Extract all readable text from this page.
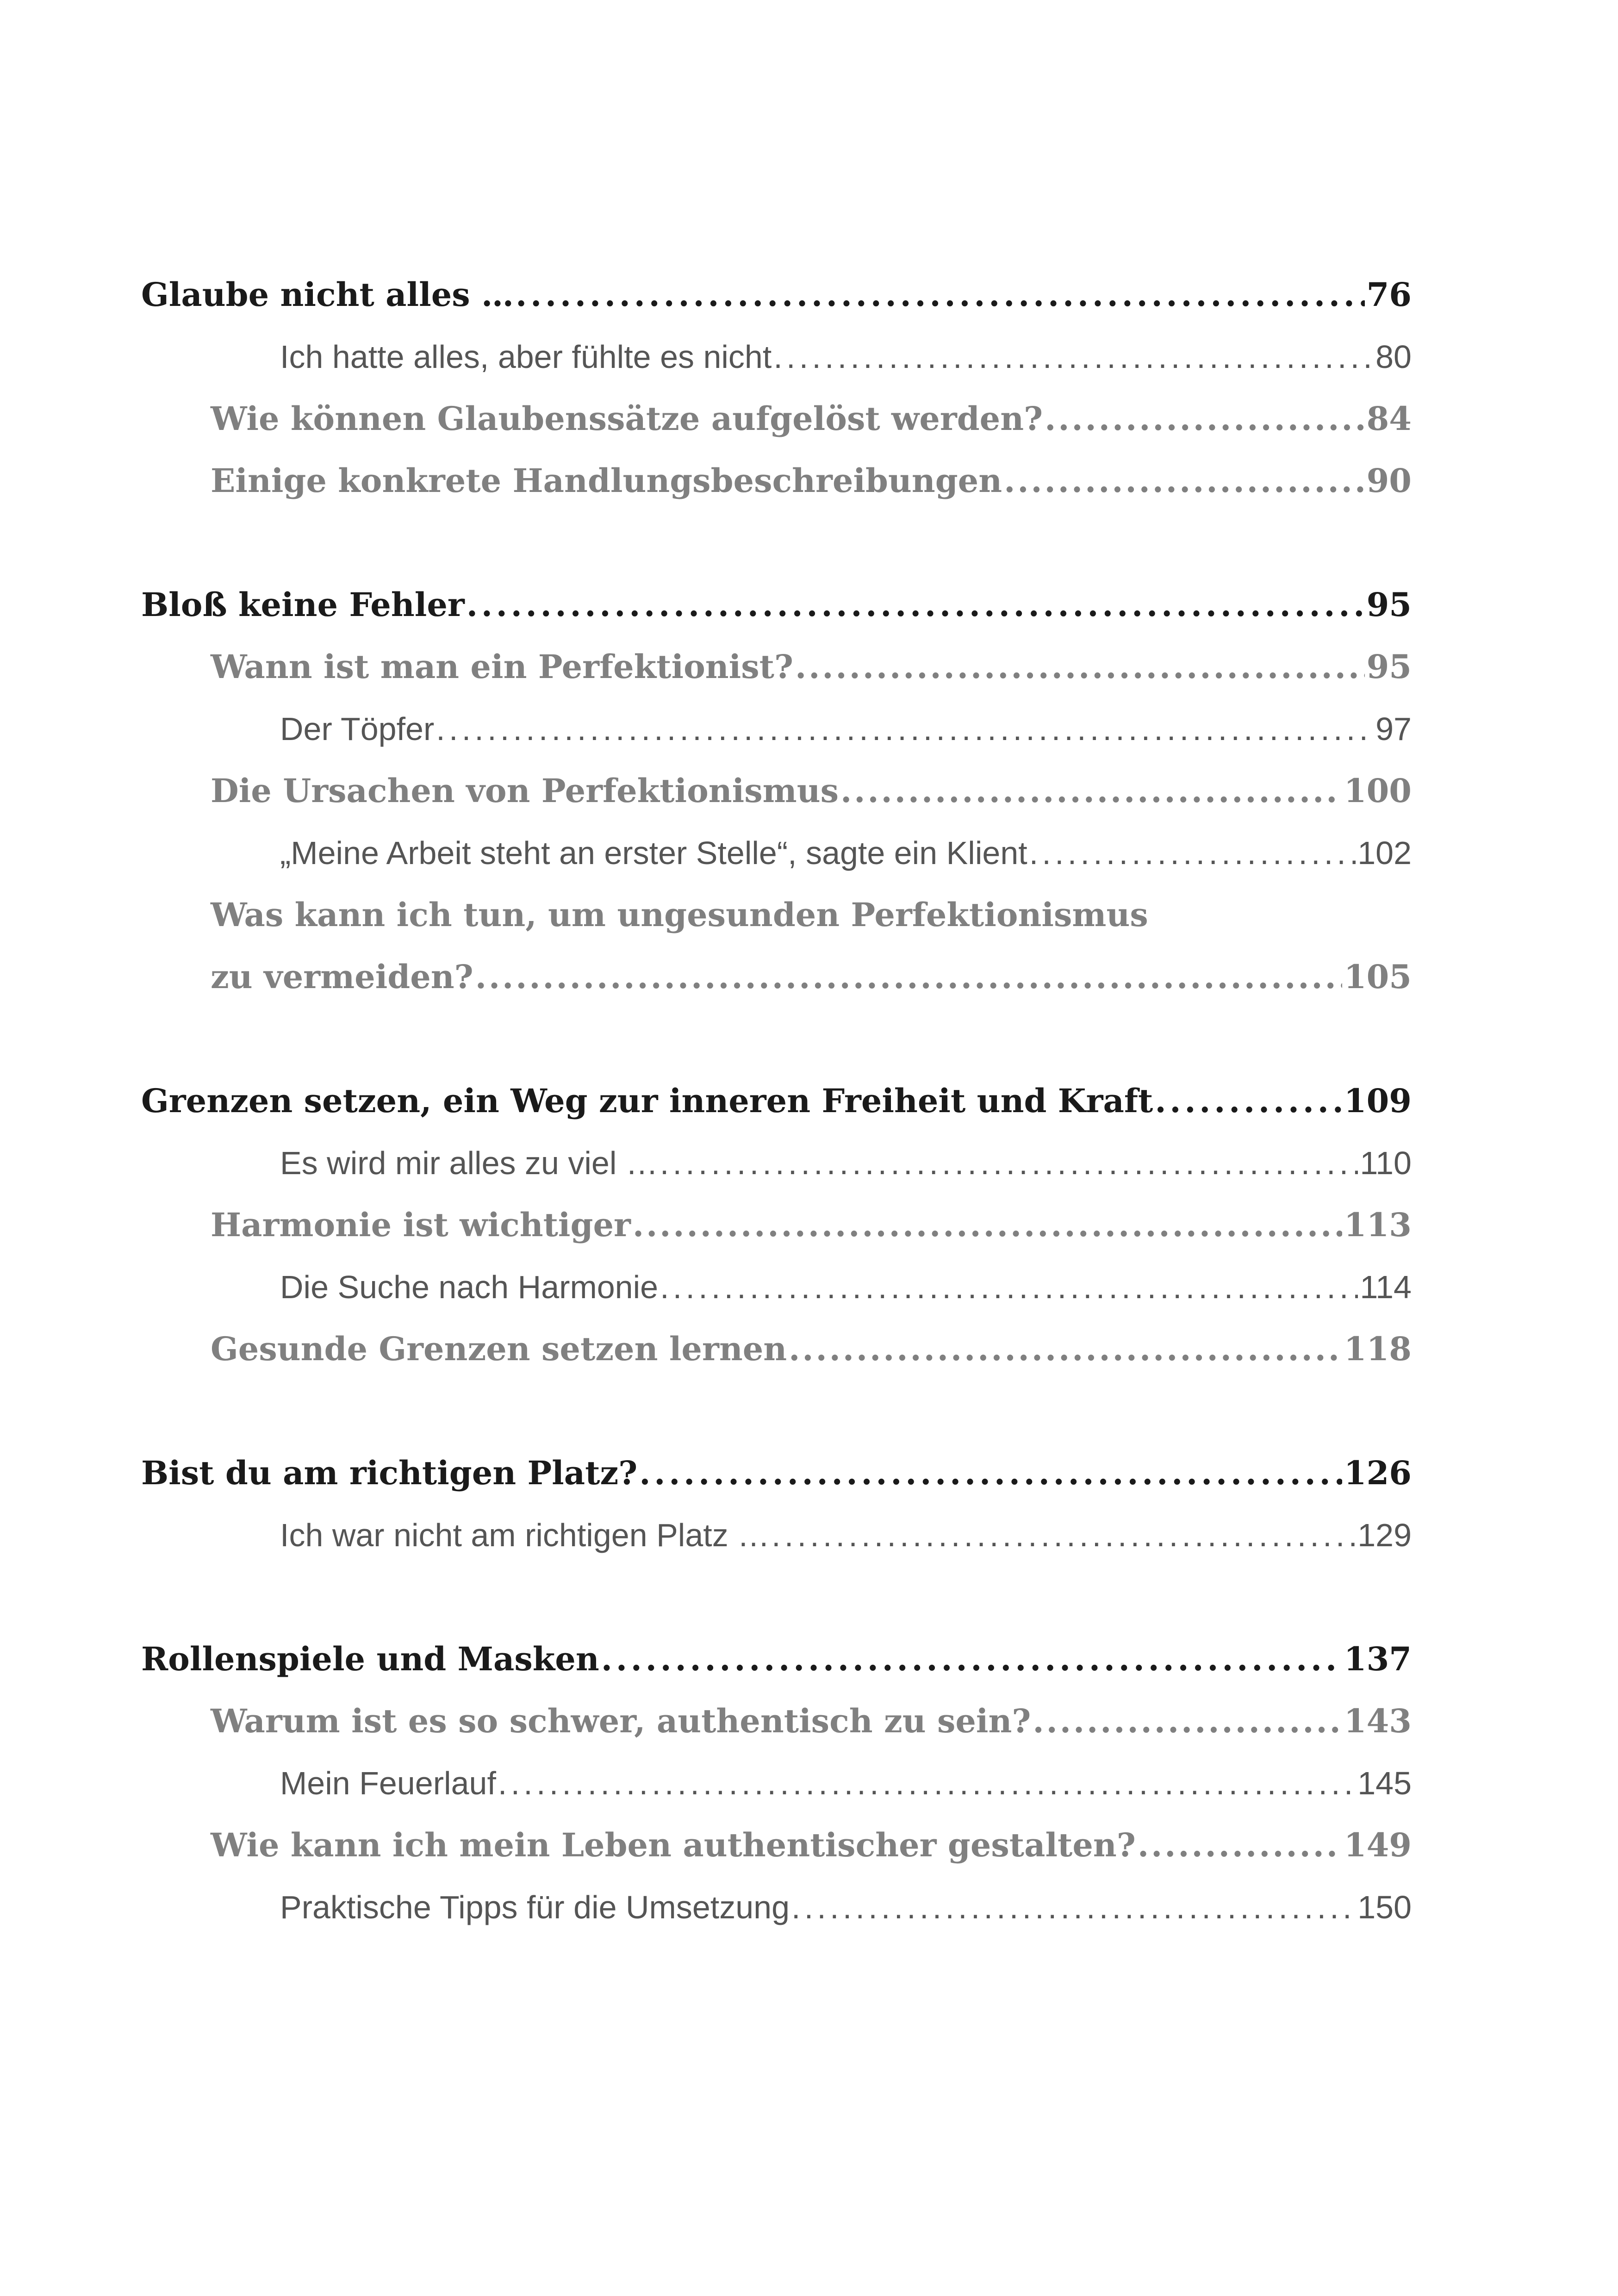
Glaube nicht alles … . . .	76
Ich hatte alles, aber fühlte es nicht . . .	80
Wie können Glaubenssätze aufgelöst werden? . . .	84
Einige konkrete Handlungsbeschreibungen . . .	90
Bloß keine Fehler . . .	95
Wann ist man ein Perfektionist? . . .	95
Der Töpfer . . .	97
Die Ursachen von Perfektionismus . . .	100
„Meine Arbeit steht an erster Stelle“, sagte ein Klient . . .	102
Was kann ich tun, um ungesunden Perfektionismus
zu vermeiden? . . .	105
Grenzen setzen, ein Weg zur inneren Freiheit und Kraft . . .	109
Es wird mir alles zu viel … . . .	110
Harmonie ist wichtiger . . .	113
Die Suche nach Harmonie . . .	114
Gesunde Grenzen setzen lernen . . .	118
Bist du am richtigen Platz? . . .	126
Ich war nicht am richtigen Platz … . . .	129
Rollenspiele und Masken . . .	137
Warum ist es so schwer, authentisch zu sein? . . .	143
Mein Feuerlauf . . .	145
Wie kann ich mein Leben authentischer gestalten? . . .	149
Praktische Tipps für die Umsetzung . . .	150
